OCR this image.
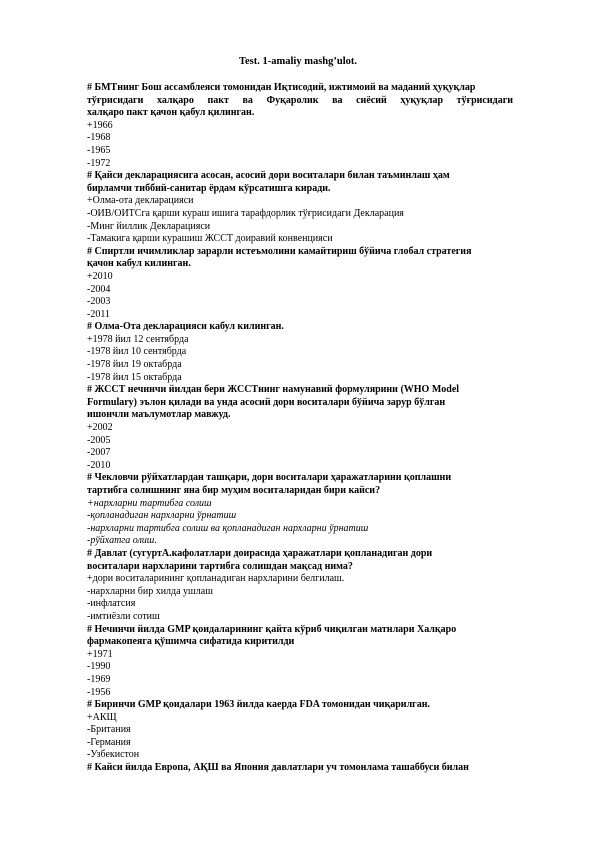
Test. 1-amaliy mashg’ulot.
# БМТнинг Бош ассамблеяси томонидан Иқтисодий, ижтимоий ва маданий ҳуқуқлар
тўғрисидаги халқаро пакт ва Фуқаролик ва сиёсий ҳуқуқлар тўғрисидаги
халқаро пакт қачон қабул қилинган.
+1966
-1968
-1965
-1972
# Қайси декларациясига асосан, асосий дори воситалари билан таъминлаш ҳам
бирламчи тиббий-санитар ёрдам кўрсатишга киради.
+Олма-ота декларацияси
-ОИВ/ОИТСга қарши кураш ишига тарафдорлик тўғрисидаги Декларация
-Минг йиллик Декларацияси
-Тамакига қарши курашиш ЖССТ доиравий конвенцияси
# Спиртли ичимликлар зарарли истеъмолини камайтириш бўйича глобал стратегия
қачон кабул килинган.
+2010
-2004
-2003
-2011
# Олма-Ота декларацияси кабул килинган.
+1978 йил 12 сентябрда
-1978 йил 10 сентябрда
-1978 йил 19 октабрда
-1978 йил 15 октабрда
# ЖССТ нечинчи йилдан бери ЖССТнинг намунавий формулярини (WHO Model
Formulary) эълон қилади ва унда асосий дори воситалари бўйича зарур бўлган
ишончли маълумотлар мавжуд.
+2002
-2005
-2007
-2010
# Чекловчи рўйхатлардан ташқари, дори воситалари ҳаражатларини қоплашни
тартибга солишнинг яна бир муҳим воситаларидан бири кайси?
+нархларни тартибга солиш
-қопланадиган нархларни ўрнатиш
-нархларни тартибга солиш ва қопланадиган нархларни ўрнатиш
-рўйхатга олиш.
# Давлат (сугуртА.кафолатлари доирасида ҳаражатлари қопланадиган дори
воситалари нархларини тартибга солишдан мақсад нима?
+дори воситаларининг қопланадиган нархларини белгилаш.
-нархларни бир хилда ушлаш
-инфлатсия
-имтиёзли сотиш
# Нечинчи йилда GMP қоидаларининг қайта кўриб чиқилган матнлари Халқаро
фармакопеяга қўшимча сифатида киритилди
+1971
-1990
-1969
-1956
# Биринчи GMP қоидалари 1963 йилда каерда FDA томонидан чиқарилган.
+АКЩ
-Британия
-Германия
-Узбекистон
# Кайси йилда Европа, АҚШ ва Япония давлатлари уч томонлама ташаббуси билан
